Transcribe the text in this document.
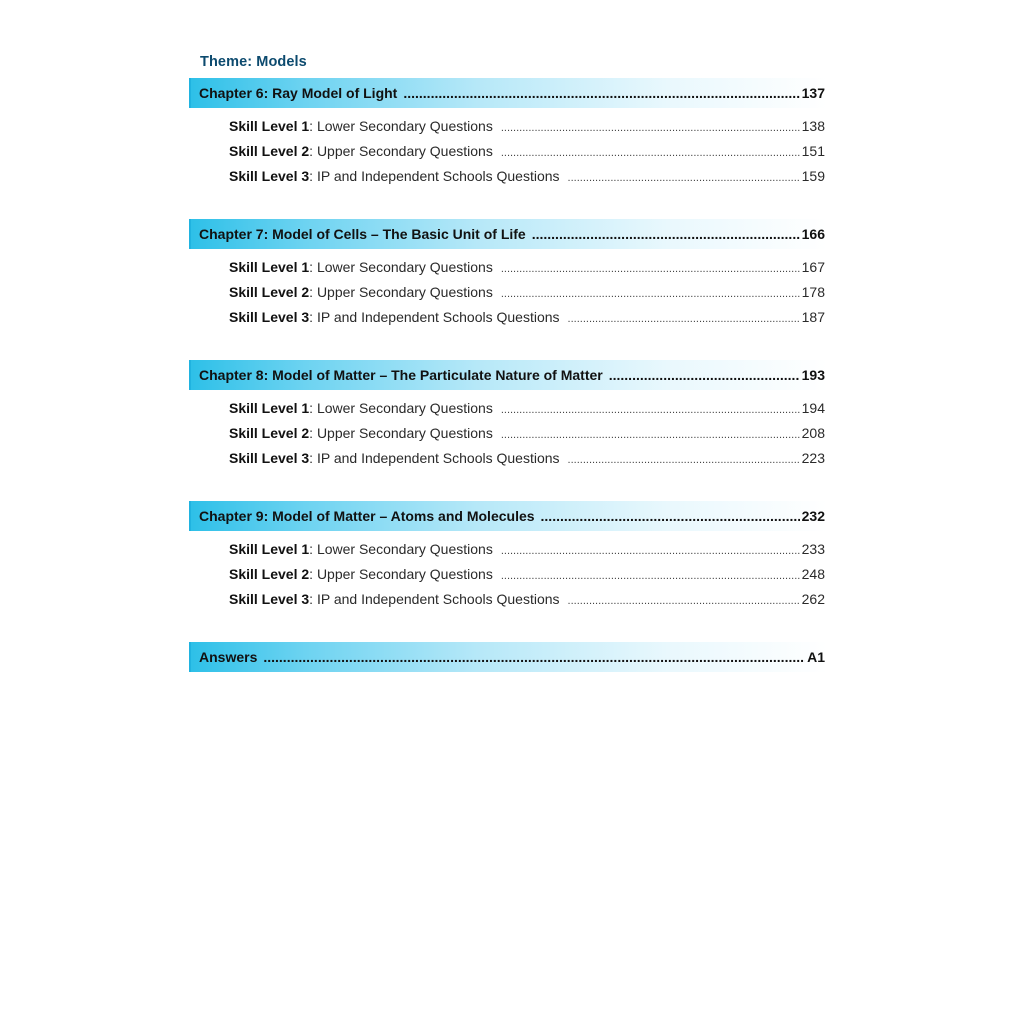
Theme: Models
Chapter 6: Ray Model of Light .....	137
Skill Level 1 : Lower Secondary Questions .....	138
Skill Level 2 : Upper Secondary Questions .....	151
Skill Level 3 : IP and Independent Schools Questions .....	159
Chapter 7: Model of Cells – The Basic Unit of Life .....	166
Skill Level 1 : Lower Secondary Questions .....	167
Skill Level 2 : Upper Secondary Questions .....	178
Skill Level 3 : IP and Independent Schools Questions .....	187
Chapter 8: Model of Matter – The Particulate Nature of Matter .....	193
Skill Level 1 : Lower Secondary Questions .....	194
Skill Level 2 : Upper Secondary Questions .....	208
Skill Level 3 : IP and Independent Schools Questions .....	223
Chapter 9: Model of Matter – Atoms and Molecules .....	232
Skill Level 1 : Lower Secondary Questions .....	233
Skill Level 2 : Upper Secondary Questions .....	248
Skill Level 3 : IP and Independent Schools Questions .....	262
Answers .....	A1
